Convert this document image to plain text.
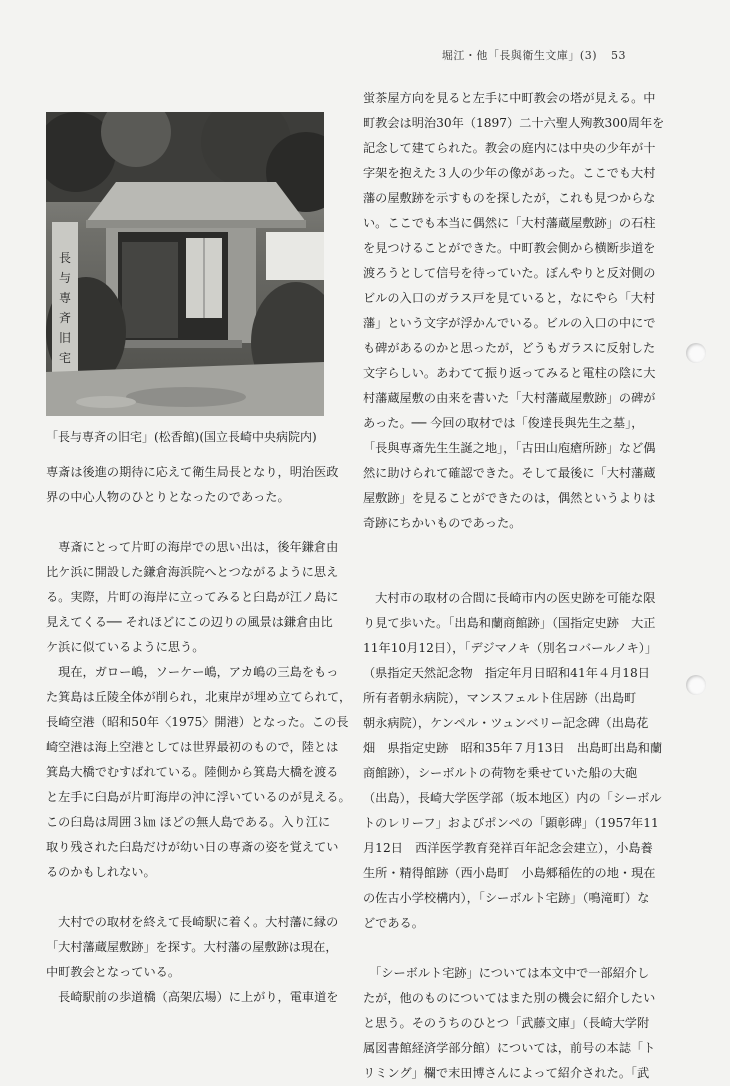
堀江・他「長與衛生文庫」(3) 53
長
与
専
斉
旧
宅
「長与専斉の旧宅」(松香館)(国立長崎中央病院内)

専斎は後進の期待に応えて衛生局長となり，明治医政

界の中心人物のひとりとなったのであった。

　専斎にとって片町の海岸での思い出は，後年鎌倉由

比ケ浜に開設した鎌倉海浜院へとつながるように思え

る。実際，片町の海岸に立ってみると臼島が江ノ島に

見えてくる── それほどにこの辺りの風景は鎌倉由比

ケ浜に似ているように思う。

　現在，ガロー嶋，ソーケー嶋，アカ嶋の三島をもっ

た箕島は丘陵全体が削られ，北東岸が埋め立てられて，

長崎空港（昭和50年〈1975〉開港）となった。この長

崎空港は海上空港としては世界最初のもので，陸とは

箕島大橋でむすばれている。陸側から箕島大橋を渡る

と左手に臼島が片町海岸の沖に浮いているのが見える。

この臼島は周囲３㎞ ほどの無人島である。入り江に

取り残された臼島だけが幼い日の専斎の姿を覚えてい

るのかもしれない。

　大村での取材を終えて長崎駅に着く。大村藩に縁の

「大村藩蔵屋敷跡」を探す。大村藩の屋敷跡は現在，

中町教会となっている。

　長崎駅前の歩道橋（高架広場）に上がり，電車道を

蛍茶屋方向を見ると左手に中町教会の塔が見える。中

町教会は明治30年（1897）二十六聖人殉教300周年を

記念して建てられた。教会の庭内には中央の少年が十

字架を抱えた３人の少年の像があった。ここでも大村

藩の屋敷跡を示すものを探したが，これも見つからな

い。ここでも本当に偶然に「大村藩蔵屋敷跡」の石柱

を見つけることができた。中町教会側から横断歩道を

渡ろうとして信号を待っていた。ぼんやりと反対側の

ビルの入口のガラス戸を見ていると，なにやら「大村

藩」という文字が浮かんでいる。ビルの入口の中にで

も碑があるのかと思ったが，どうもガラスに反射した

文字らしい。あわてて振り返ってみると電柱の陰に大

村藩蔵屋敷の由来を書いた「大村藩蔵屋敷跡」の碑が

あった。── 今回の取材では「俊達長與先生之墓」，

「長與専斎先生生誕之地」，「古田山庖瘡所跡」など偶

然に助けられて確認できた。そして最後に「大村藩蔵

屋敷跡」を見ることができたのは，偶然というよりは

奇跡にちかいものであった。

　大村市の取材の合間に長崎市内の医史跡を可能な限

り見て歩いた。「出島和蘭商館跡」（国指定史跡　大正

11年10月12日），「デジマノキ（別名コバールノキ）」

（県指定天然記念物　指定年月日昭和41年４月18日

所有者朝永病院），マンスフェルト住居跡（出島町

朝永病院），ケンペル・ツュンベリー記念碑（出島花

畑　県指定史跡　昭和35年７月13日　出島町出島和蘭

商館跡），シーボルトの荷物を乗せていた船の大砲

（出島），長崎大学医学部（坂本地区）内の「シーボル

トのレリーフ」およびポンペの「顕彰碑」（1957年11

月12日　西洋医学教育発祥百年記念会建立），小島養

生所・精得館跡（西小島町　小島郷稲佐的の地・現在

の佐古小学校構内），「シーボルト宅跡」（鳴滝町）な

どである。

　「シーボルト宅跡」については本文中で一部紹介し

たが，他のものについてはまた別の機会に紹介したい

と思う。そのうちのひとつ「武藤文庫」（長崎大学附

属図書館経済学部分館）については，前号の本誌「ト

リミング」欄で末田博さんによって紹介された。「武
